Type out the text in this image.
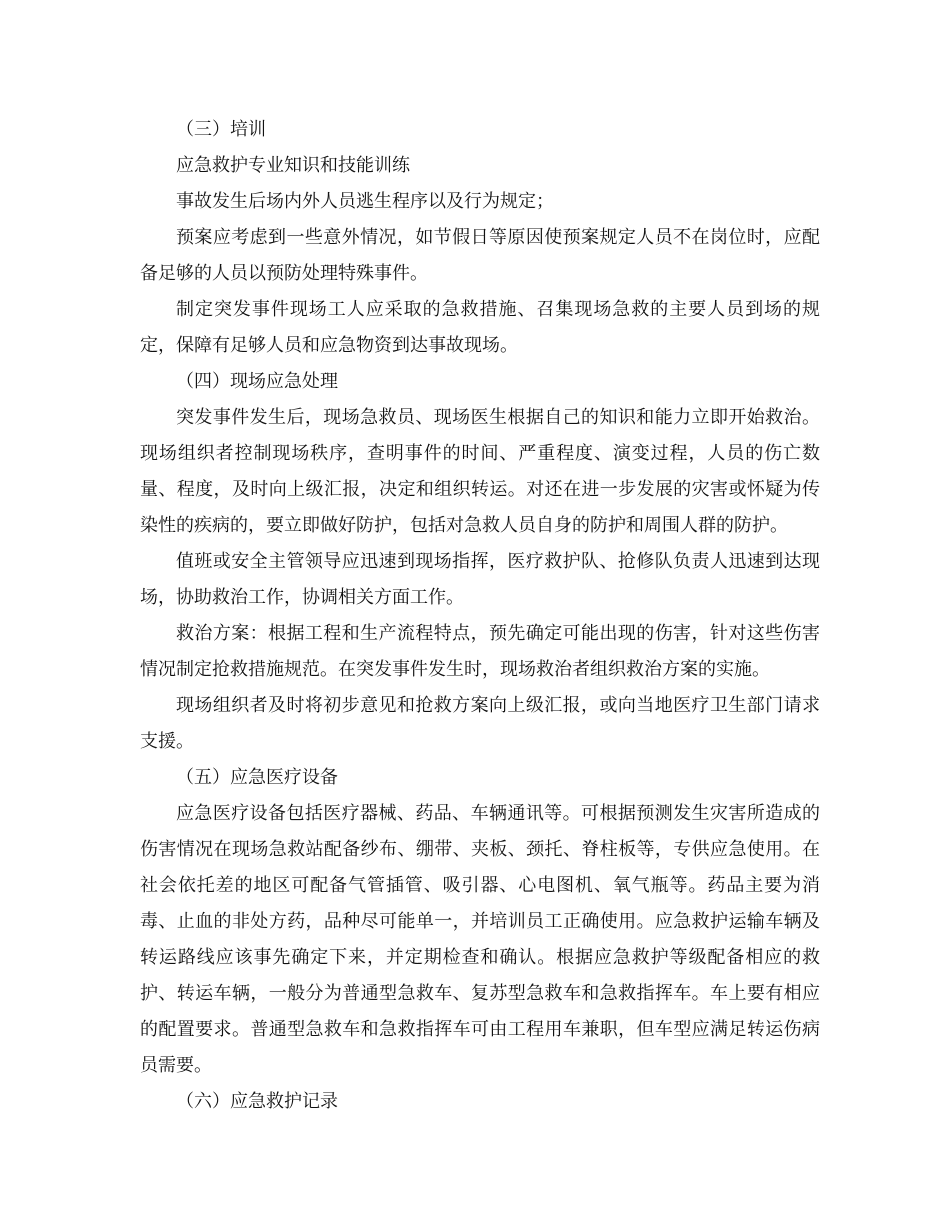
（三）培训

应急救护专业知识和技能训练

事故发生后场内外人员逃生程序以及行为规定；

预案应考虑到一些意外情况，如节假日等原因使预案规定人员不在岗位时，应配备足够的人员以预防处理特殊事件。

制定突发事件现场工人应采取的急救措施、召集现场急救的主要人员到场的规定，保障有足够人员和应急物资到达事故现场。

（四）现场应急处理

突发事件发生后，现场急救员、现场医生根据自己的知识和能力立即开始救治。现场组织者控制现场秩序，查明事件的时间、严重程度、演变过程，人员的伤亡数量、程度，及时向上级汇报，决定和组织转运。对还在进一步发展的灾害或怀疑为传染性的疾病的，要立即做好防护，包括对急救人员自身的防护和周围人群的防护。

值班或安全主管领导应迅速到现场指挥，医疗救护队、抢修队负责人迅速到达现场，协助救治工作，协调相关方面工作。

救治方案：根据工程和生产流程特点，预先确定可能出现的伤害，针对这些伤害情况制定抢救措施规范。在突发事件发生时，现场救治者组织救治方案的实施。

现场组织者及时将初步意见和抢救方案向上级汇报，或向当地医疗卫生部门请求支援。

（五）应急医疗设备

应急医疗设备包括医疗器械、药品、车辆通讯等。可根据预测发生灾害所造成的伤害情况在现场急救站配备纱布、绷带、夹板、颈托、脊柱板等，专供应急使用。在社会依托差的地区可配备气管插管、吸引器、心电图机、氧气瓶等。药品主要为消毒、止血的非处方药，品种尽可能单一，并培训员工正确使用。应急救护运输车辆及转运路线应该事先确定下来，并定期检查和确认。根据应急救护等级配备相应的救护、转运车辆，一般分为普通型急救车、复苏型急救车和急救指挥车。车上要有相应的配置要求。普通型急救车和急救指挥车可由工程用车兼职，但车型应满足转运伤病员需要。

（六）应急救护记录
